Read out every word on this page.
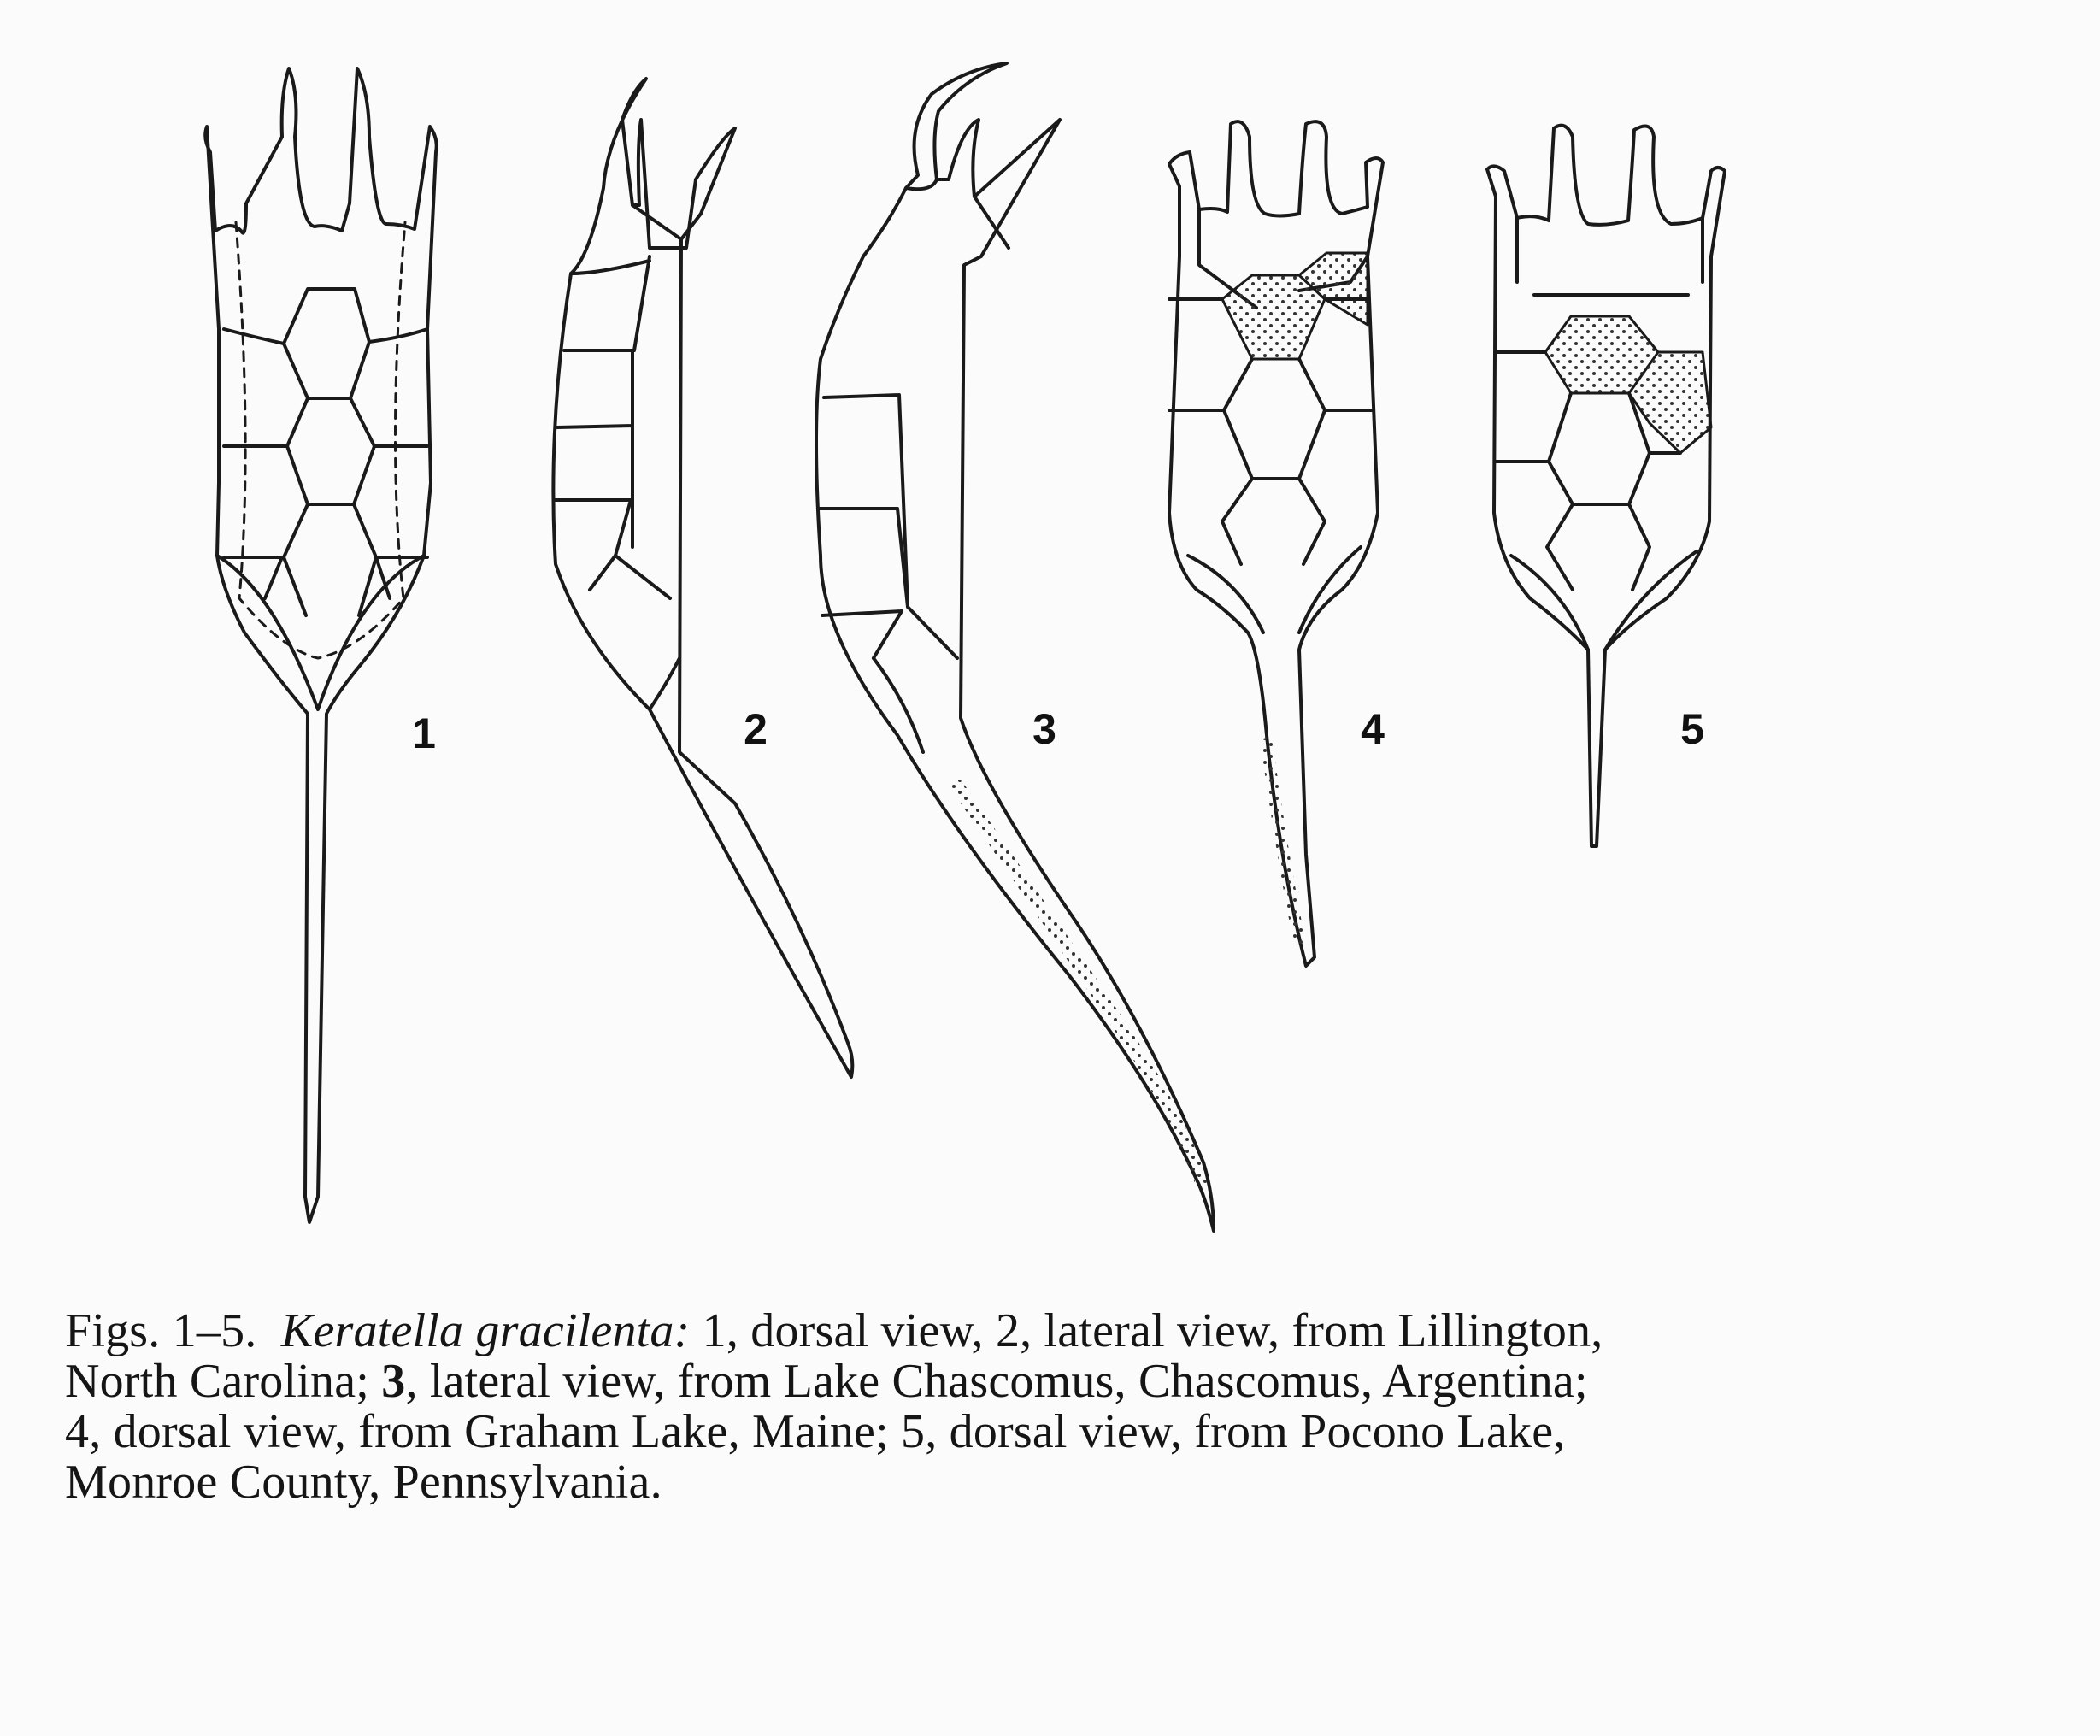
1	2	3	4	5
Figs. 1–5. Keratella gracilenta: 1, dorsal view, 2, lateral view, from Lillington,
North Carolina; 3, lateral view, from Lake Chascomus, Chascomus, Argentina;
4, dorsal view, from Graham Lake, Maine; 5, dorsal view, from Pocono Lake,
Monroe County, Pennsylvania.
